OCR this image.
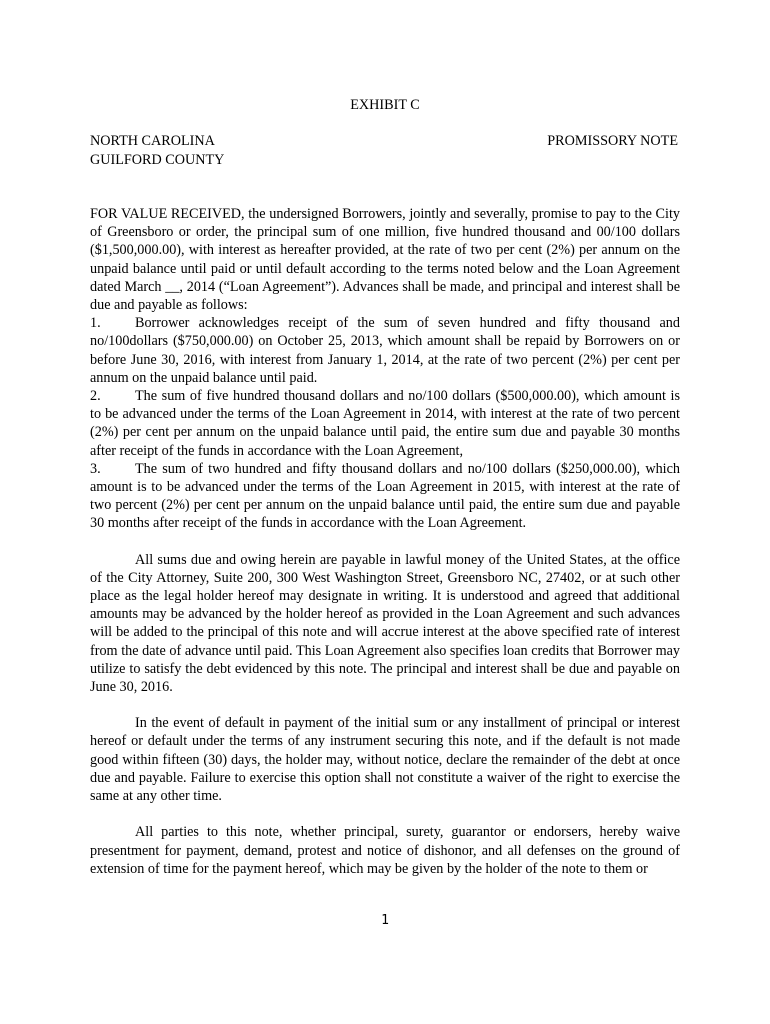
EXHIBIT C
NORTH CAROLINA
GUILFORD COUNTY
PROMISSORY NOTE

FOR VALUE RECEIVED, the undersigned Borrowers, jointly and severally, promise to pay to the City of Greensboro or order, the principal sum of one million, five hundred thousand and 00/100 dollars ($1,500,000.00), with interest as hereafter provided, at the rate of two per cent (2%) per annum on the unpaid balance until paid or until default according to the terms noted below and the Loan Agreement dated March __, 2014 (“Loan Agreement”). Advances shall be made, and principal and interest shall be due and payable as follows:

1. Borrower acknowledges receipt of the sum of seven hundred and fifty thousand and no/100dollars ($750,000.00) on October 25, 2013, which amount shall be repaid by Borrowers on or before June 30, 2016, with interest from January 1, 2014, at the rate of two percent (2%) per cent per annum on the unpaid balance until paid.
2. The sum of five hundred thousand dollars and no/100 dollars ($500,000.00), which amount is to be advanced under the terms of the Loan Agreement in 2014, with interest at the rate of two percent (2%) per cent per annum on the unpaid balance until paid, the entire sum due and payable 30 months after receipt of the funds in accordance with the Loan Agreement,
3. The sum of two hundred and fifty thousand dollars and no/100 dollars ($250,000.00), which amount is to be advanced under the terms of the Loan Agreement in 2015, with interest at the rate of two percent (2%) per cent per annum on the unpaid balance until paid, the entire sum due and payable 30 months after receipt of the funds in accordance with the Loan Agreement.

All sums due and owing herein are payable in lawful money of the United States, at the office of the City Attorney, Suite 200, 300 West Washington Street, Greensboro NC, 27402, or at such other place as the legal holder hereof may designate in writing. It is understood and agreed that additional amounts may be advanced by the holder hereof as provided in the Loan Agreement and such advances will be added to the principal of this note and will accrue interest at the above specified rate of interest from the date of advance until paid. This Loan Agreement also specifies loan credits that Borrower may utilize to satisfy the debt evidenced by this note. The principal and interest shall be due and payable on June 30, 2016.

In the event of default in payment of the initial sum or any installment of principal or interest hereof or default under the terms of any instrument securing this note, and if the default is not made good within fifteen (30) days, the holder may, without notice, declare the remainder of the debt at once due and payable. Failure to exercise this option shall not constitute a waiver of the right to exercise the same at any other time.

All parties to this note, whether principal, surety, guarantor or endorsers, hereby waive presentment for payment, demand, protest and notice of dishonor, and all defenses on the ground of extension of time for the payment hereof, which may be given by the holder of the note to them or

1
